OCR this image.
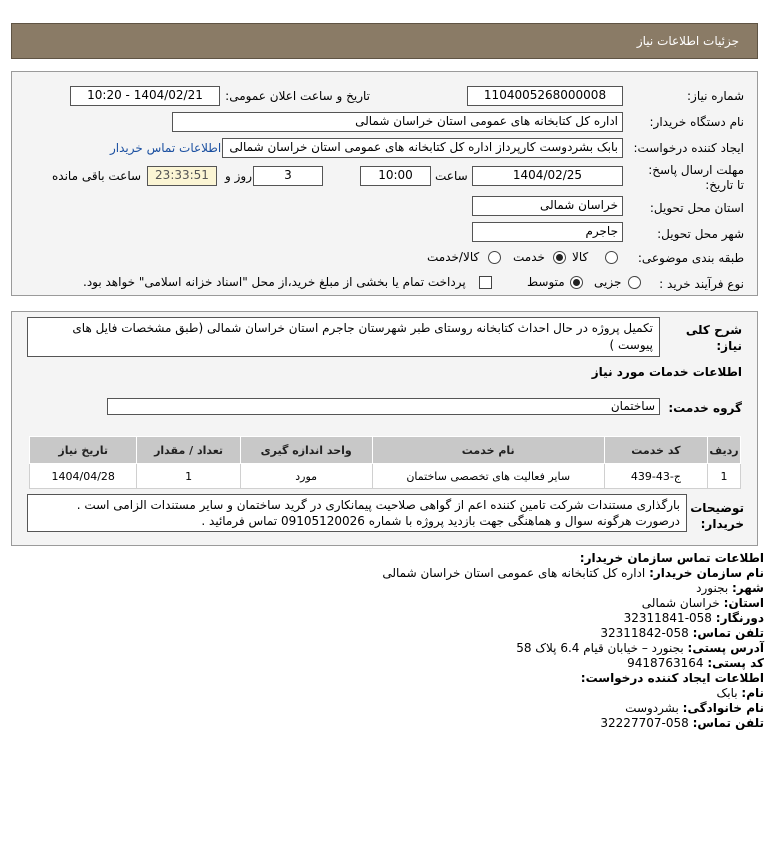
جزئیات اطلاعات نیاز
شماره نیاز:
1104005268000008
تاریخ و ساعت اعلان عمومی:
1404/02/21 - 10:20
نام دستگاه خریدار:
اداره کل کتابخانه های عمومی استان خراسان شمالی
ایجاد کننده درخواست:
بابک بشردوست کارپرداز اداره کل کتابخانه های عمومی استان خراسان شمالی
اطلاعات تماس خریدار
مهلت ارسال پاسخ: تا تاریخ:
1404/02/25
ساعت
10:00
3
روز و
23:33:51
ساعت باقی مانده
استان محل تحویل:
خراسان شمالی
شهر محل تحویل:
جاجرم
طبقه بندی موضوعی:
کالا
خدمت
کالا/خدمت
نوع فرآیند خرید :
جزیی
متوسط
پرداخت تمام یا بخشی از مبلغ خرید،از محل "اسناد خزانه اسلامی" خواهد بود.
شرح کلی نیاز:
تکمیل پروژه در حال احداث کتابخانه روستای طبر شهرستان جاجرم استان خراسان شمالی (طبق مشخصات فایل های پیوست )
اطلاعات خدمات مورد نیاز
گروه خدمت:
ساختمان
ردیف	کد خدمت	نام خدمت	واحد اندازه گیری	تعداد / مقدار	تاریخ نیاز
1	ج-43-439	سایر فعالیت های تخصصی ساختمان	مورد	1	1404/04/28
توضیحات خریدار:
بارگذاری مستندات شرکت تامین کننده اعم از گواهی صلاحیت پیمانکاری در گرید ساختمان و سایر مستندات الزامی است .
درصورت هرگونه سوال و هماهنگی جهت بازدید پروژه با شماره 09105120026 تماس فرمائید .
اطلاعات تماس سازمان خریدار:
نام سازمان خریدار: اداره کل کتابخانه های عمومی استان خراسان شمالی
شهر: بجنورد
استان: خراسان شمالی
دورنگار: 058-32311841
تلفن تماس: 058-32311842
آدرس پستی: بجنورد – خیابان قیام 6.4 پلاک 58
کد پستی: 9418763164
اطلاعات ایجاد کننده درخواست:
نام: بابک
نام خانوادگی: بشردوست
تلفن تماس: 058-32227707
